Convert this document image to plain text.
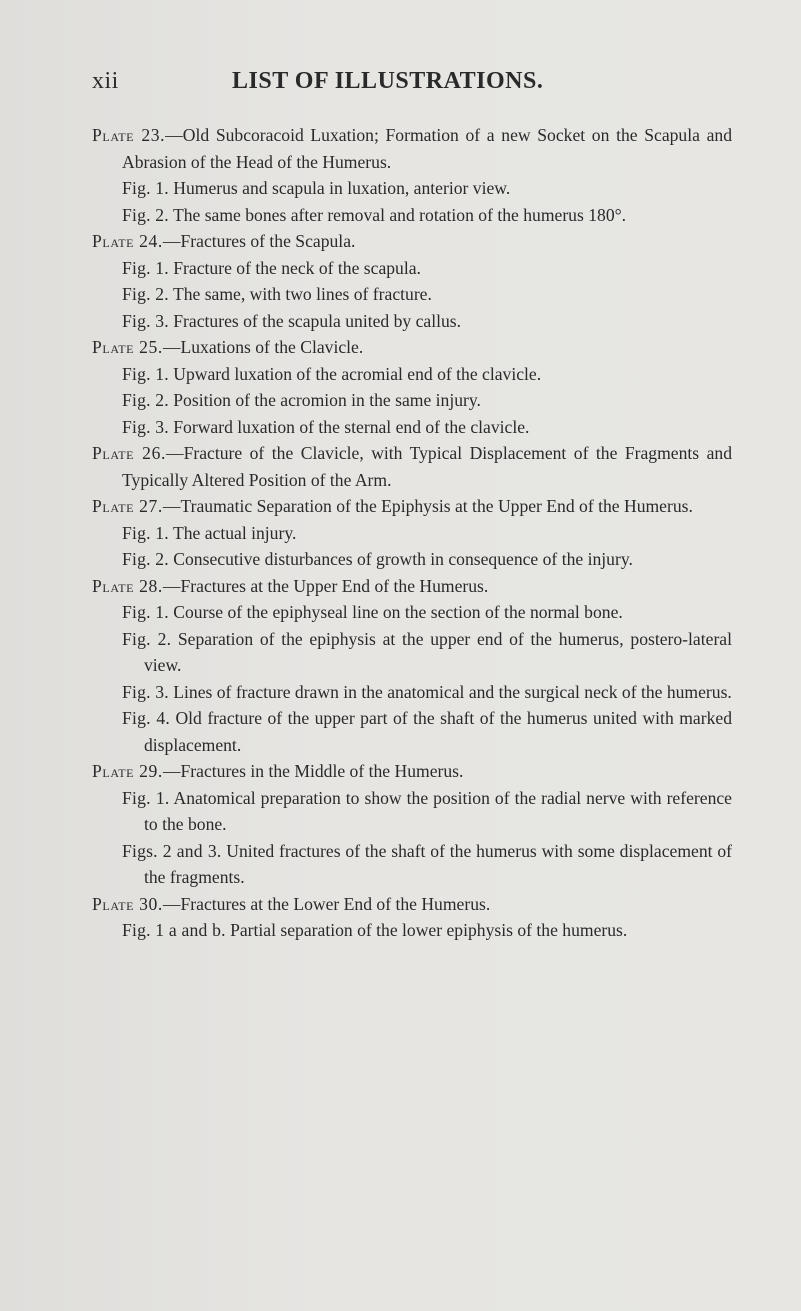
xii	LIST OF ILLUSTRATIONS.

Plate 23.—Old Subcoracoid Luxation; Formation of a new Socket on the Scapula and Abrasion of the Head of the Humerus.

Fig. 1. Humerus and scapula in luxation, anterior view.

Fig. 2. The same bones after removal and rotation of the humerus 180°.

Plate 24.—Fractures of the Scapula.

Fig. 1. Fracture of the neck of the scapula.

Fig. 2. The same, with two lines of fracture.

Fig. 3. Fractures of the scapula united by callus.

Plate 25.—Luxations of the Clavicle.

Fig. 1. Upward luxation of the acromial end of the clavicle.

Fig. 2. Position of the acromion in the same injury.

Fig. 3. Forward luxation of the sternal end of the clavicle.

Plate 26.—Fracture of the Clavicle, with Typical Displacement of the Fragments and Typically Altered Position of the Arm.

Plate 27.—Traumatic Separation of the Epiphysis at the Upper End of the Humerus.

Fig. 1. The actual injury.

Fig. 2. Consecutive disturbances of growth in consequence of the injury.

Plate 28.—Fractures at the Upper End of the Humerus.

Fig. 1. Course of the epiphyseal line on the section of the normal bone.

Fig. 2. Separation of the epiphysis at the upper end of the humerus, postero-lateral view.

Fig. 3. Lines of fracture drawn in the anatomical and the surgical neck of the humerus.

Fig. 4. Old fracture of the upper part of the shaft of the humerus united with marked displacement.

Plate 29.—Fractures in the Middle of the Humerus.

Fig. 1. Anatomical preparation to show the position of the radial nerve with reference to the bone.

Figs. 2 and 3. United fractures of the shaft of the humerus with some displacement of the fragments.

Plate 30.—Fractures at the Lower End of the Humerus.

Fig. 1 a and b. Partial separation of the lower epiphysis of the humerus.
